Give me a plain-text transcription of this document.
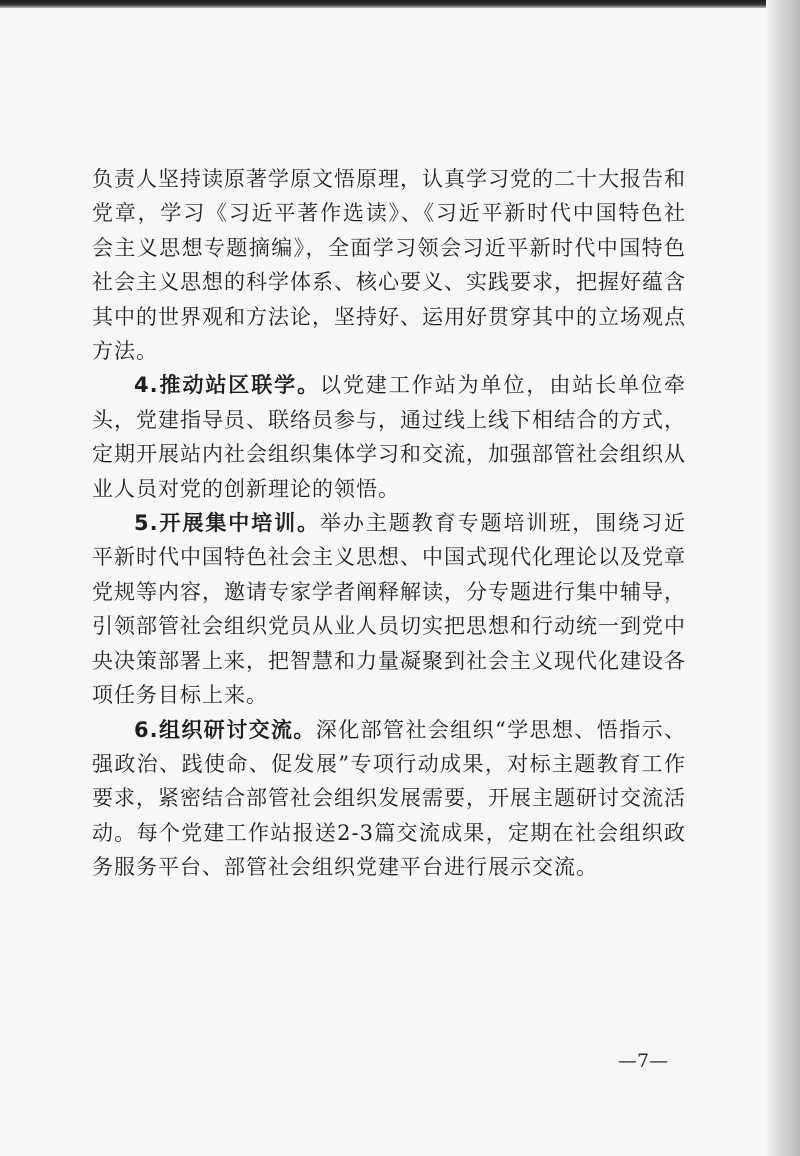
负责人坚持读原著学原文悟原理，认真学习党的二十大报告和党章，学习《习近平著作选读》、《习近平新时代中国特色社会主义思想专题摘编》，全面学习领会习近平新时代中国特色社会主义思想的科学体系、核心要义、实践要求，把握好蕴含其中的世界观和方法论，坚持好、运用好贯穿其中的立场观点方法。

4.推动站区联学。以党建工作站为单位，由站长单位牵头，党建指导员、联络员参与，通过线上线下相结合的方式，定期开展站内社会组织集体学习和交流，加强部管社会组织从业人员对党的创新理论的领悟。

5.开展集中培训。举办主题教育专题培训班，围绕习近平新时代中国特色社会主义思想、中国式现代化理论以及党章党规等内容，邀请专家学者阐释解读，分专题进行集中辅导，引领部管社会组织党员从业人员切实把思想和行动统一到党中央决策部署上来，把智慧和力量凝聚到社会主义现代化建设各项任务目标上来。

6.组织研讨交流。深化部管社会组织“学思想、悟指示、强政治、践使命、促发展”专项行动成果，对标主题教育工作要求，紧密结合部管社会组织发展需要，开展主题研讨交流活动。每个党建工作站报送2-3篇交流成果，定期在社会组织政务服务平台、部管社会组织党建平台进行展示交流。

—7—
